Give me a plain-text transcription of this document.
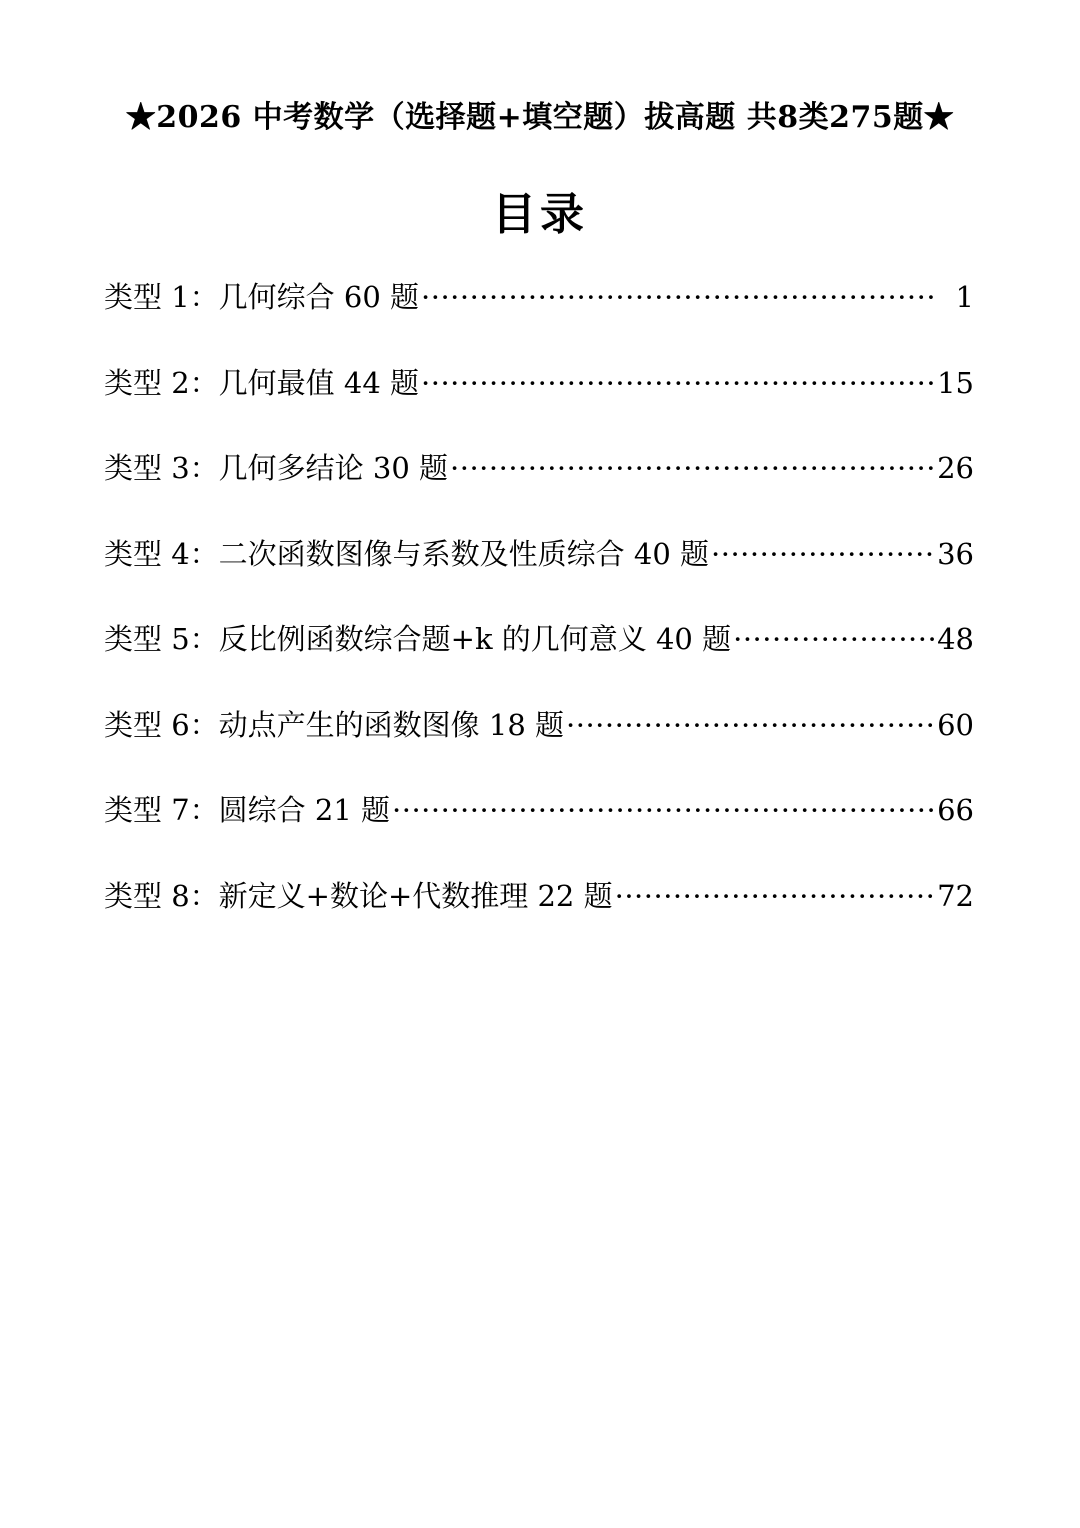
★2026 中考数学（选择题+填空题）拔高题 共8类275题★
目录
类型 1：几何综合 60 题 ·····	1
类型 2：几何最值 44 题 ·····	15
类型 3：几何多结论 30 题 ·····	26
类型 4：二次函数图像与系数及性质综合 40 题 ·····	36
类型 5：反比例函数综合题+k 的几何意义 40 题 ·····	48
类型 6：动点产生的函数图像 18 题 ·····	60
类型 7：圆综合 21 题 ·····	66
类型 8：新定义+数论+代数推理 22 题 ·····	72
